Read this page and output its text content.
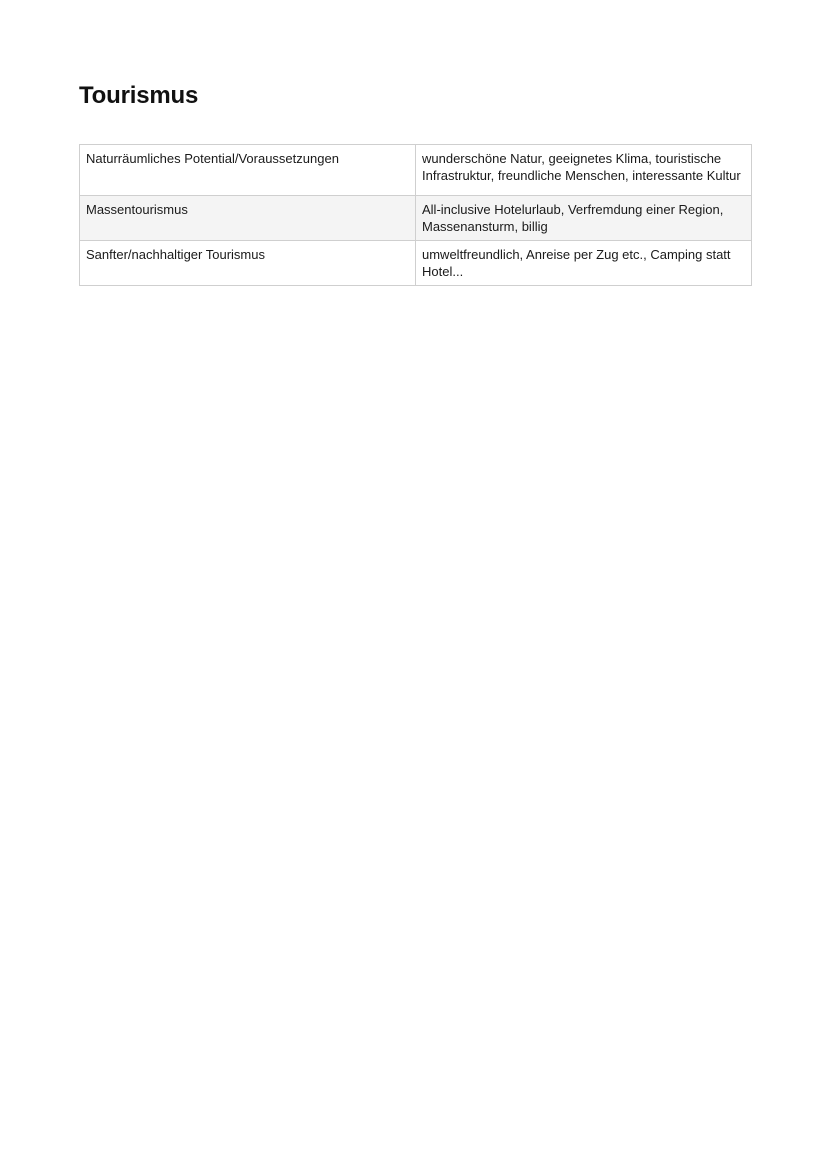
Tourismus
Naturräumliches Potential/Voraussetzungen	wunderschöne Natur, geeignetes Klima, touristische Infrastruktur, freundliche Menschen, interessante Kultur
Massentourismus	All-inclusive Hotelurlaub, Verfremdung einer Region, Massenansturm, billig
Sanfter/nachhaltiger Tourismus	umweltfreundlich, Anreise per Zug etc., Camping statt Hotel...
